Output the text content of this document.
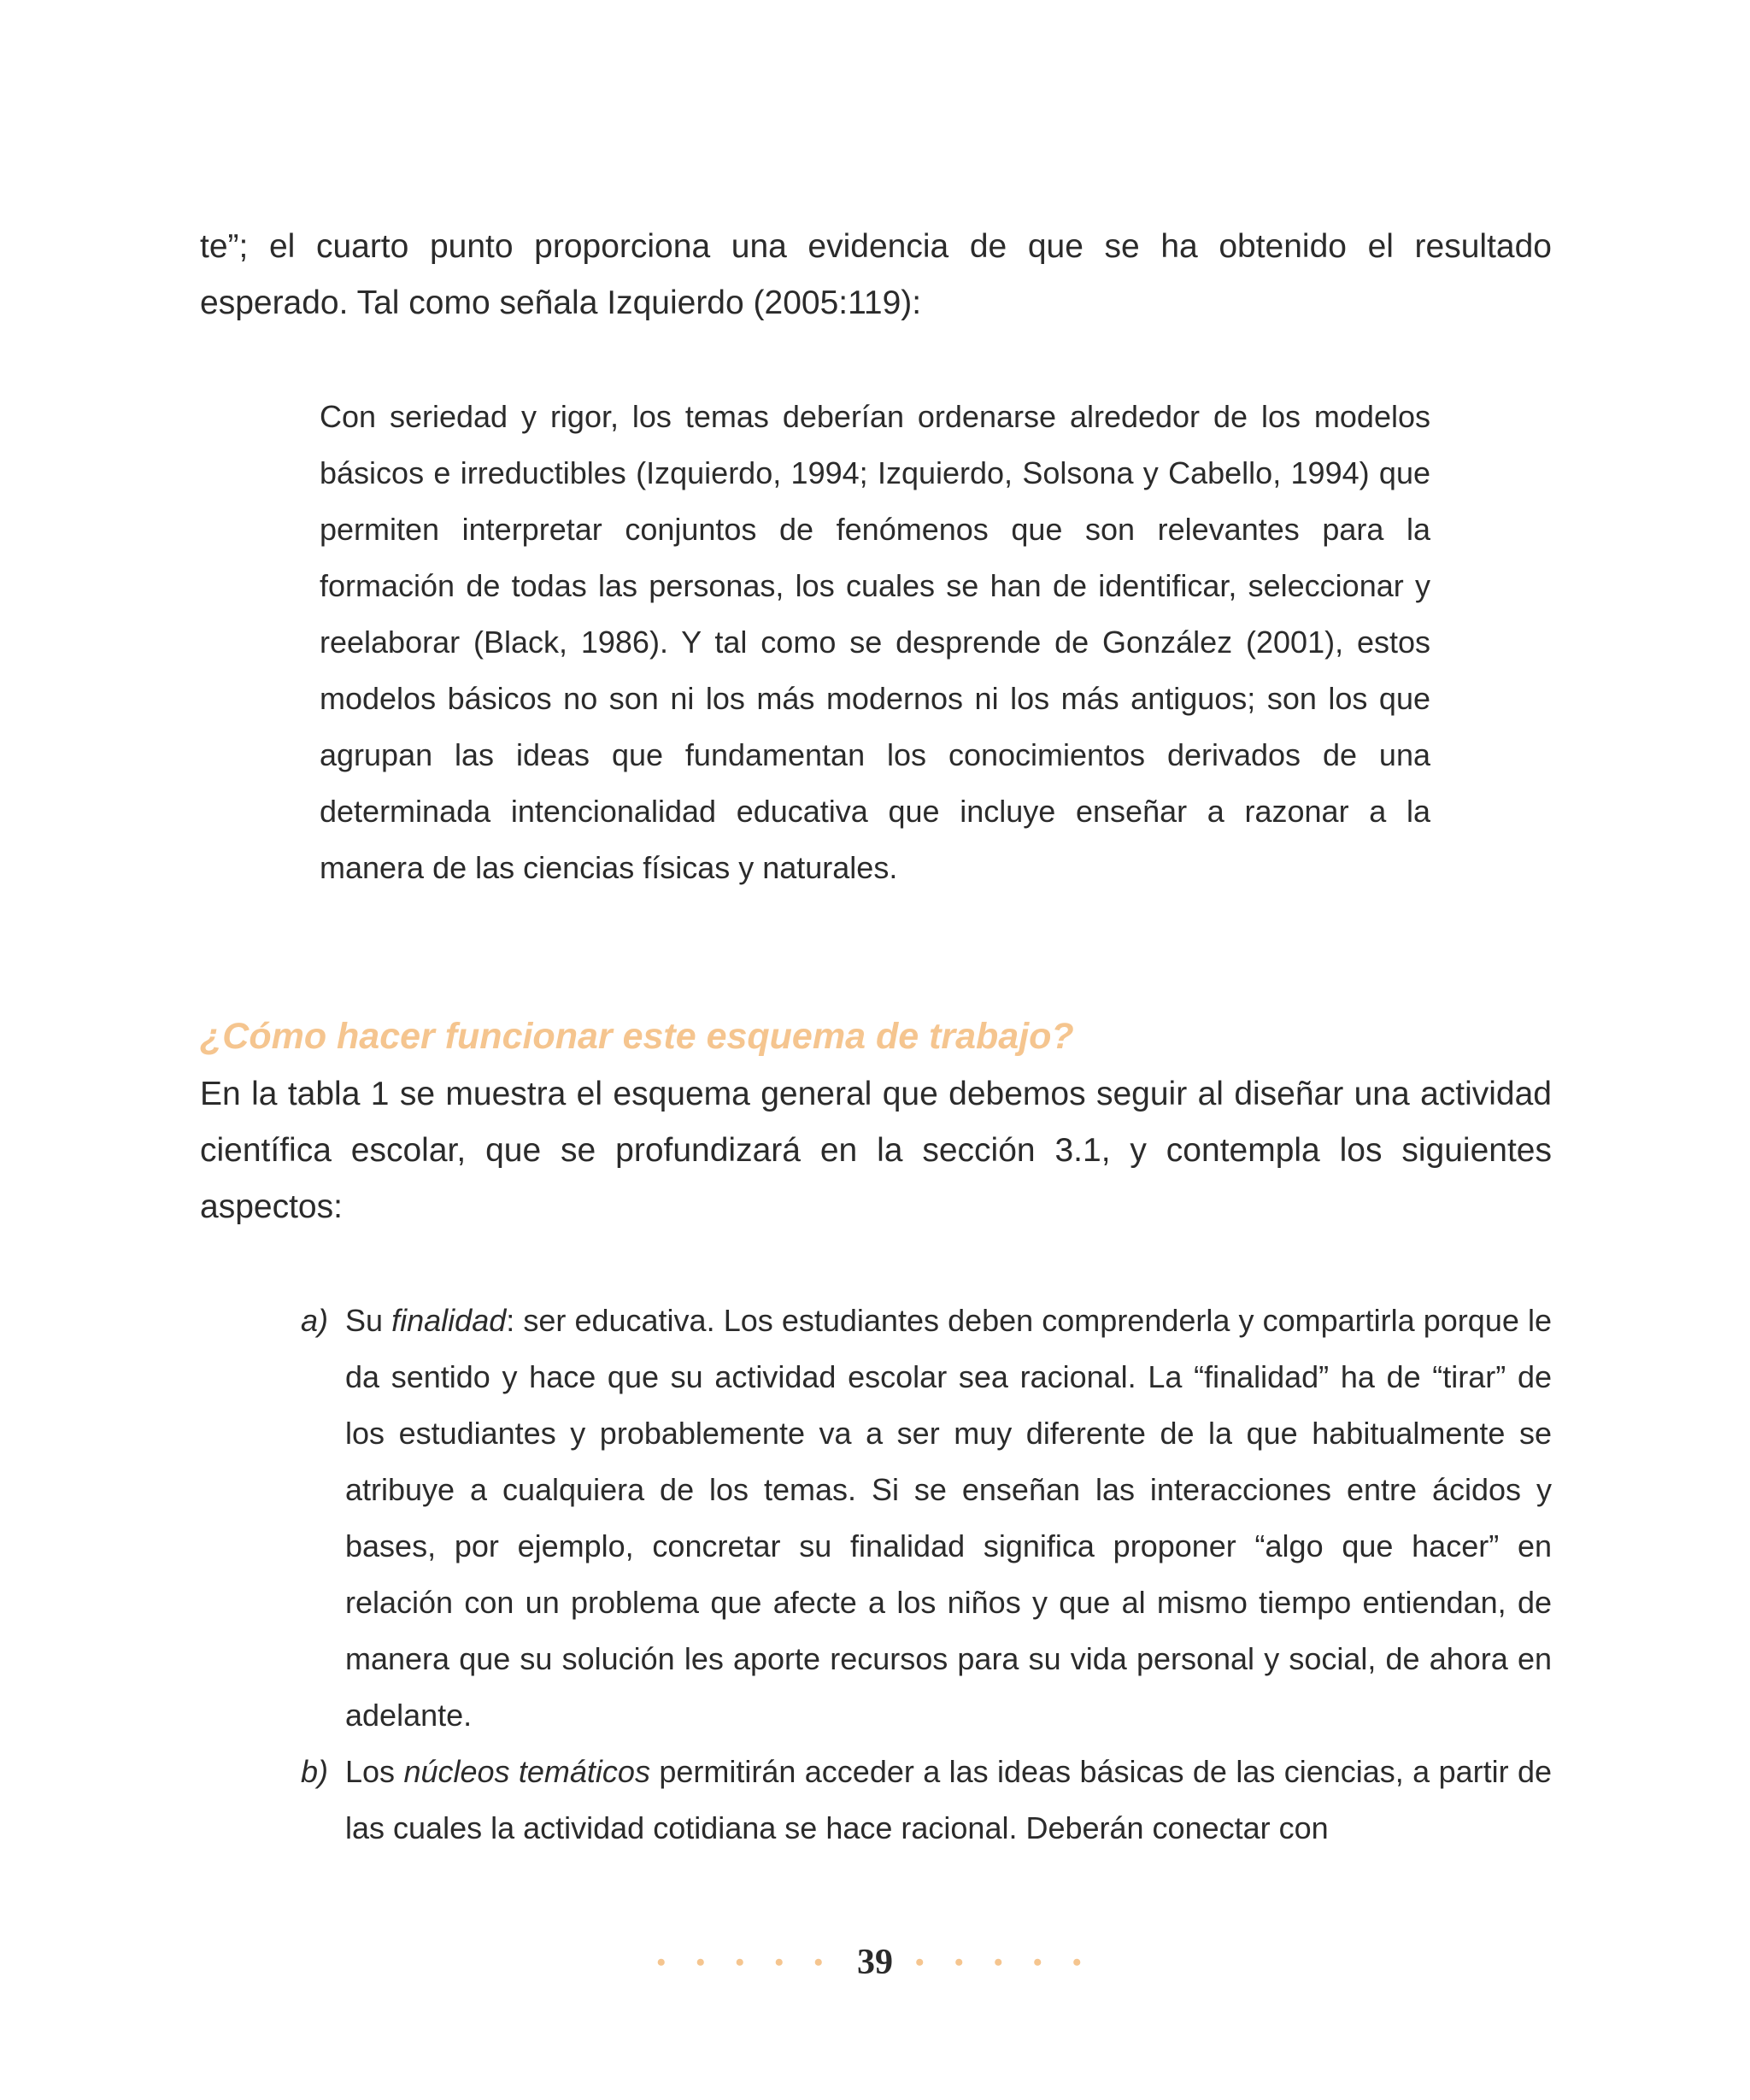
te”; el cuarto punto proporciona una evidencia de que se ha obtenido el resultado esperado. Tal como señala Izquierdo (2005:119):

Con seriedad y rigor, los temas deberían ordenarse alrededor de los modelos básicos e irreductibles (Izquierdo, 1994; Izquierdo, Solsona y Cabello, 1994) que permiten interpretar conjuntos de fenómenos que son relevantes para la formación de todas las personas, los cuales se han de identificar, seleccionar y reelaborar (Black, 1986). Y tal como se desprende de González (2001), estos modelos básicos no son ni los más modernos ni los más antiguos; son los que agrupan las ideas que fundamentan los conocimientos derivados de una determinada intencionalidad educativa que incluye enseñar a razonar a la manera de las ciencias físicas y naturales.

¿Cómo hacer funcionar este esquema de trabajo?

En la tabla 1 se muestra el esquema general que debemos seguir al diseñar una actividad científica escolar, que se profundizará en la sección 3.1, y contempla los siguientes aspectos:

a) Su finalidad: ser educativa. Los estudiantes deben comprenderla y compartirla porque le da sentido y hace que su actividad escolar sea racional. La “finalidad” ha de “tirar” de los estudiantes y probablemente va a ser muy diferente de la que habitualmente se atribuye a cualquiera de los temas. Si se enseñan las interacciones entre ácidos y bases, por ejemplo, concretar su finalidad significa proponer “algo que hacer” en relación con un problema que afecte a los niños y que al mismo tiempo entiendan, de manera que su solución les aporte recursos para su vida personal y social, de ahora en adelante.
b) Los núcleos temáticos permitirán acceder a las ideas básicas de las ciencias, a partir de las cuales la actividad cotidiana se hace racional. Deberán conectar con
• • • • • 39 • • • • •
